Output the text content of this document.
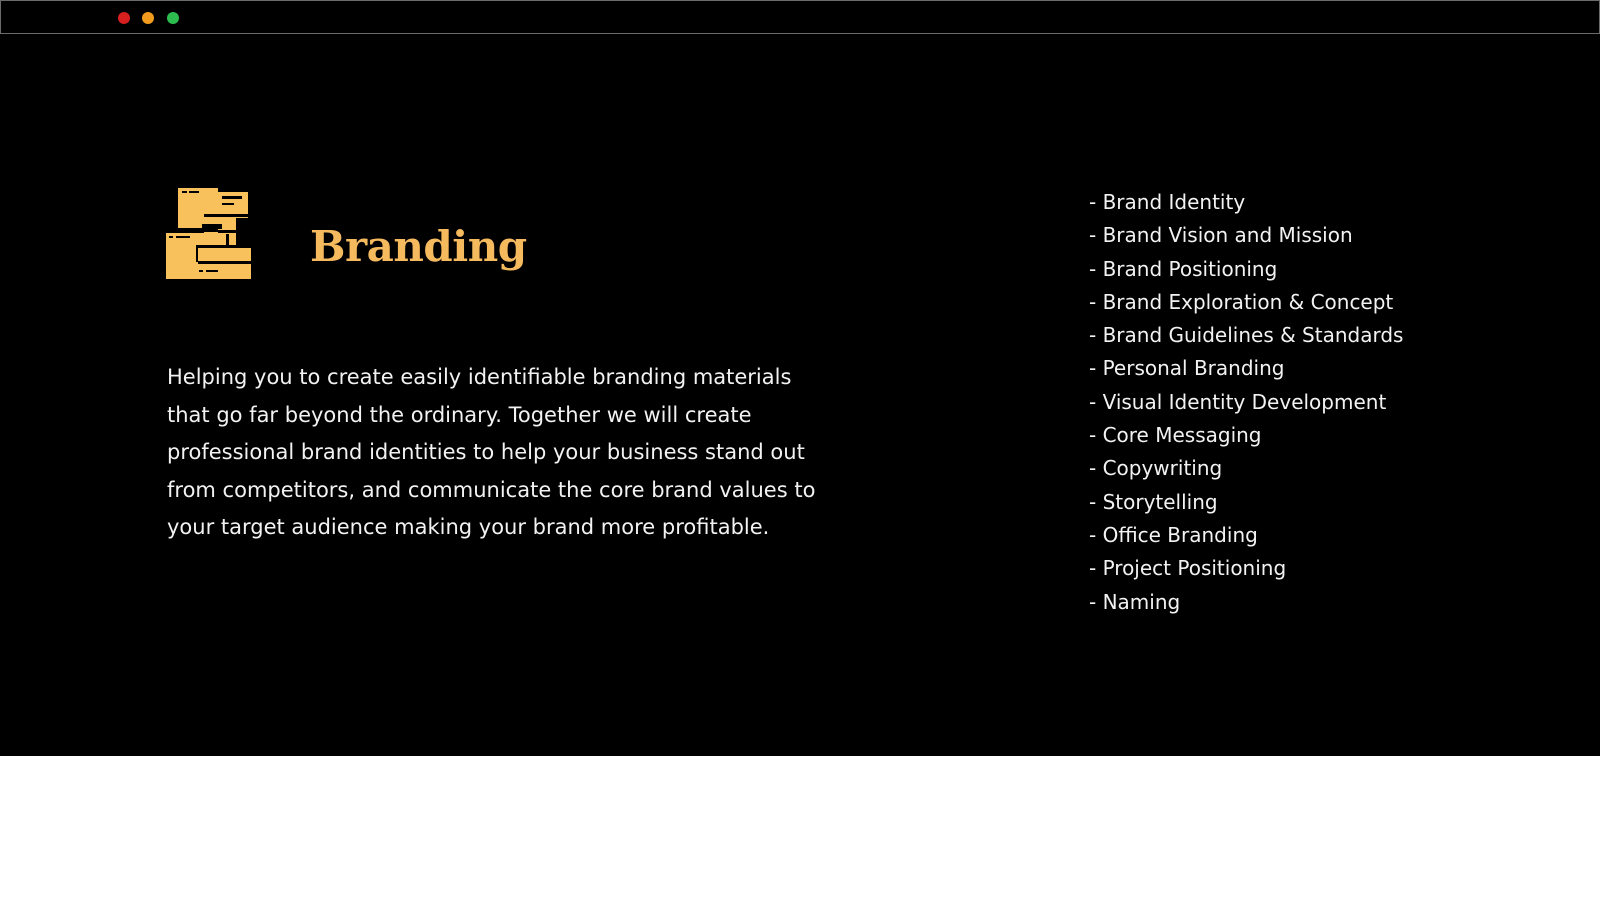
Branding

Helping you to create easily identifiable branding materials that go far beyond the ordinary. Together we will create professional brand identities to help your business stand out from competitors, and communicate the core brand values to your target audience making your brand more profitable.

- Brand Identity
- Brand Vision and Mission
- Brand Positioning
- Brand Exploration & Concept
- Brand Guidelines & Standards
- Personal Branding
- Visual Identity Development
- Core Messaging
- Copywriting
- Storytelling
- Office Branding
- Project Positioning
- Naming
